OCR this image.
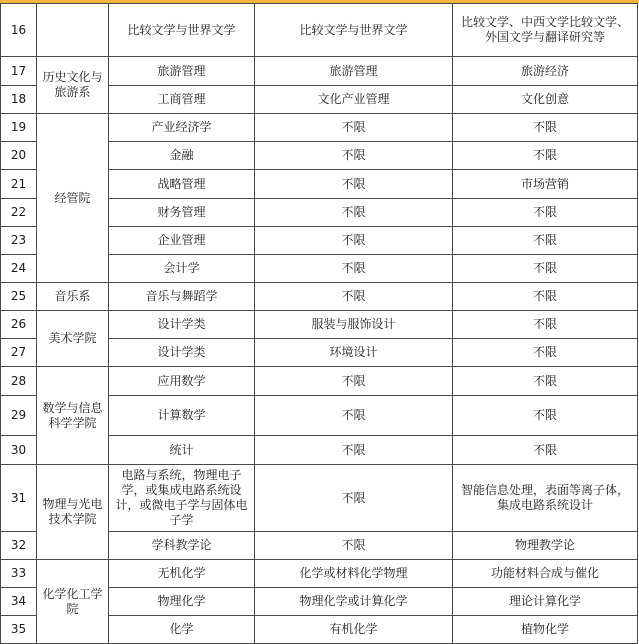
16		比较文学与世界文学	比较文学与世界文学	比较文学、中西文学比较文学、外国文学与翻译研究等
17	历史文化与旅游系	旅游管理	旅游管理	旅游经济
18		工商管理	文化产业管理	文化创意
19	经管院	产业经济学	不限	不限
20		金融	不限	不限
21		战略管理	不限	市场营销
22		财务管理	不限	不限
23		企业管理	不限	不限
24		会计学	不限	不限
25	音乐系	音乐与舞蹈学	不限	不限
26	美术学院	设计学类	服装与服饰设计	不限
27		设计学类	环境设计	不限
28	数学与信息科学学院	应用数学	不限	不限
29		计算数学	不限	不限
30		统计	不限	不限
31	物理与光电技术学院	电路与系统，物理电子学，或集成电路系统设计，或微电子学与固体电子学	不限	智能信息处理，表面等离子体，集成电路系统设计
32		学科教学论	不限	物理教学论
33	化学化工学院	无机化学	化学或材料化学物理	功能材料合成与催化
34		物理化学	物理化学或计算化学	理论计算化学
35		化学	有机化学	植物化学
